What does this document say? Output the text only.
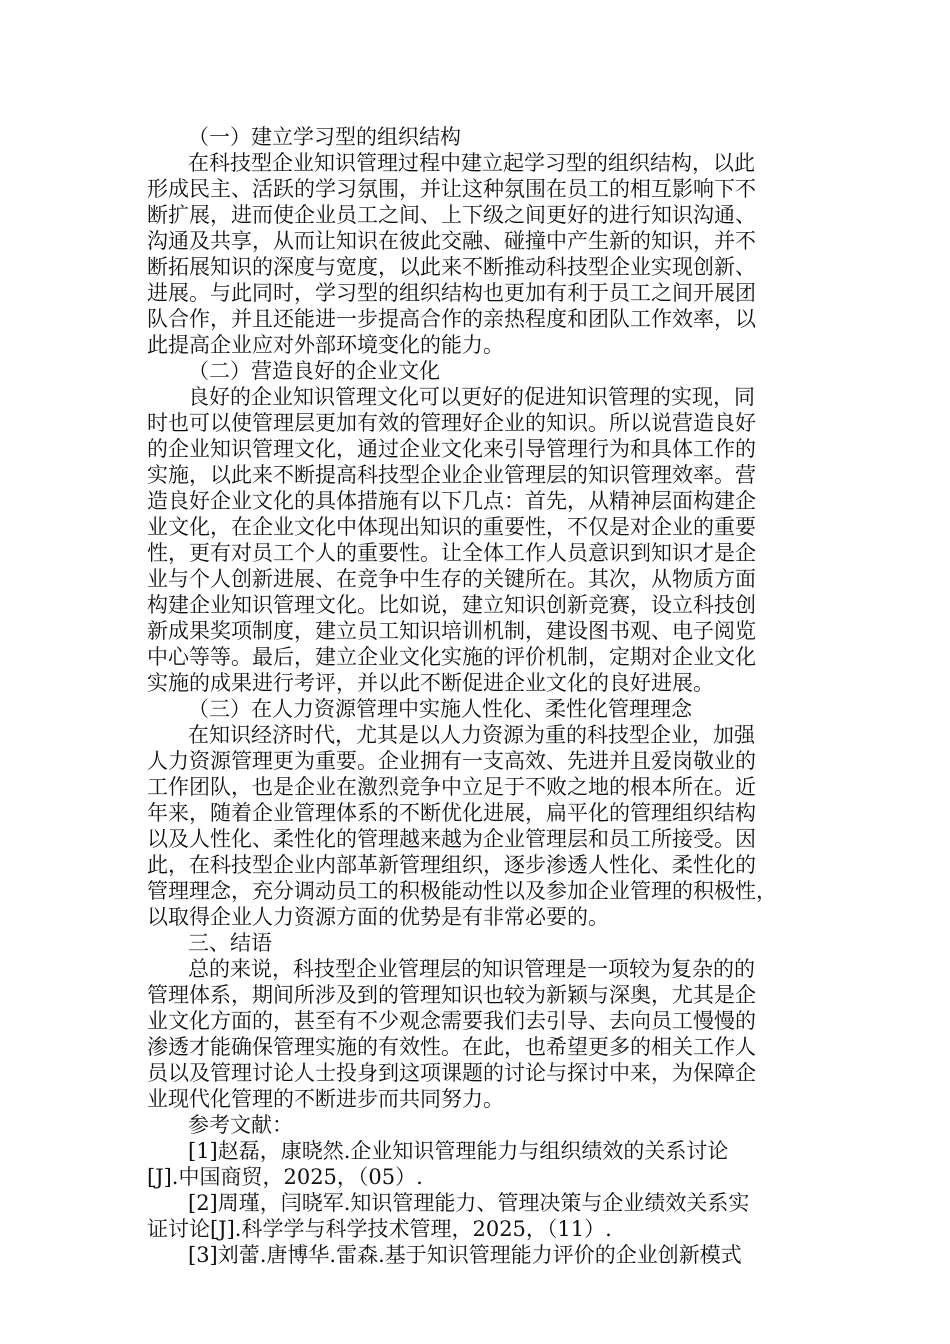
（一）建立学习型的组织结构
在科技型企业知识管理过程中建立起学习型的组织结构，以此
形成民主、活跃的学习氛围，并让这种氛围在员工的相互影响下不
断扩展，进而使企业员工之间、上下级之间更好的进行知识沟通、
沟通及共享，从而让知识在彼此交融、碰撞中产生新的知识，并不
断拓展知识的深度与宽度，以此来不断推动科技型企业实现创新、
进展。与此同时，学习型的组织结构也更加有利于员工之间开展团
队合作，并且还能进一步提高合作的亲热程度和团队工作效率，以
此提高企业应对外部环境变化的能力。
（二）营造良好的企业文化
良好的企业知识管理文化可以更好的促进知识管理的实现，同
时也可以使管理层更加有效的管理好企业的知识。所以说营造良好
的企业知识管理文化，通过企业文化来引导管理行为和具体工作的
实施，以此来不断提高科技型企业企业管理层的知识管理效率。营
造良好企业文化的具体措施有以下几点：首先，从精神层面构建企
业文化，在企业文化中体现出知识的重要性，不仅是对企业的重要
性，更有对员工个人的重要性。让全体工作人员意识到知识才是企
业与个人创新进展、在竞争中生存的关键所在。其次，从物质方面
构建企业知识管理文化。比如说，建立知识创新竞赛，设立科技创
新成果奖项制度，建立员工知识培训机制，建设图书观、电子阅览
中心等等。最后，建立企业文化实施的评价机制，定期对企业文化
实施的成果进行考评，并以此不断促进企业文化的良好进展。
（三）在人力资源管理中实施人性化、柔性化管理理念
在知识经济时代，尤其是以人力资源为重的科技型企业，加强
人力资源管理更为重要。企业拥有一支高效、先进并且爱岗敬业的
工作团队，也是企业在激烈竞争中立足于不败之地的根本所在。近
年来，随着企业管理体系的不断优化进展，扁平化的管理组织结构
以及人性化、柔性化的管理越来越为企业管理层和员工所接受。因
此，在科技型企业内部革新管理组织，逐步渗透人性化、柔性化的
管理理念，充分调动员工的积极能动性以及参加企业管理的积极性，
以取得企业人力资源方面的优势是有非常必要的。
三、结语
总的来说，科技型企业管理层的知识管理是一项较为复杂的的
管理体系，期间所涉及到的管理知识也较为新颖与深奥，尤其是企
业文化方面的，甚至有不少观念需要我们去引导、去向员工慢慢的
渗透才能确保管理实施的有效性。在此，也希望更多的相关工作人
员以及管理讨论人士投身到这项课题的讨论与探讨中来，为保障企
业现代化管理的不断进步而共同努力。
参考文献：
[1]赵磊，康晓然.企业知识管理能力与组织绩效的关系讨论
[J].中国商贸，2025，（05）.
[2]周瑾，闫晓军.知识管理能力、管理决策与企业绩效关系实
证讨论[J].科学学与科学技术管理，2025，（11）.
[3]刘蕾.唐博华.雷森.基于知识管理能力评价的企业创新模式
